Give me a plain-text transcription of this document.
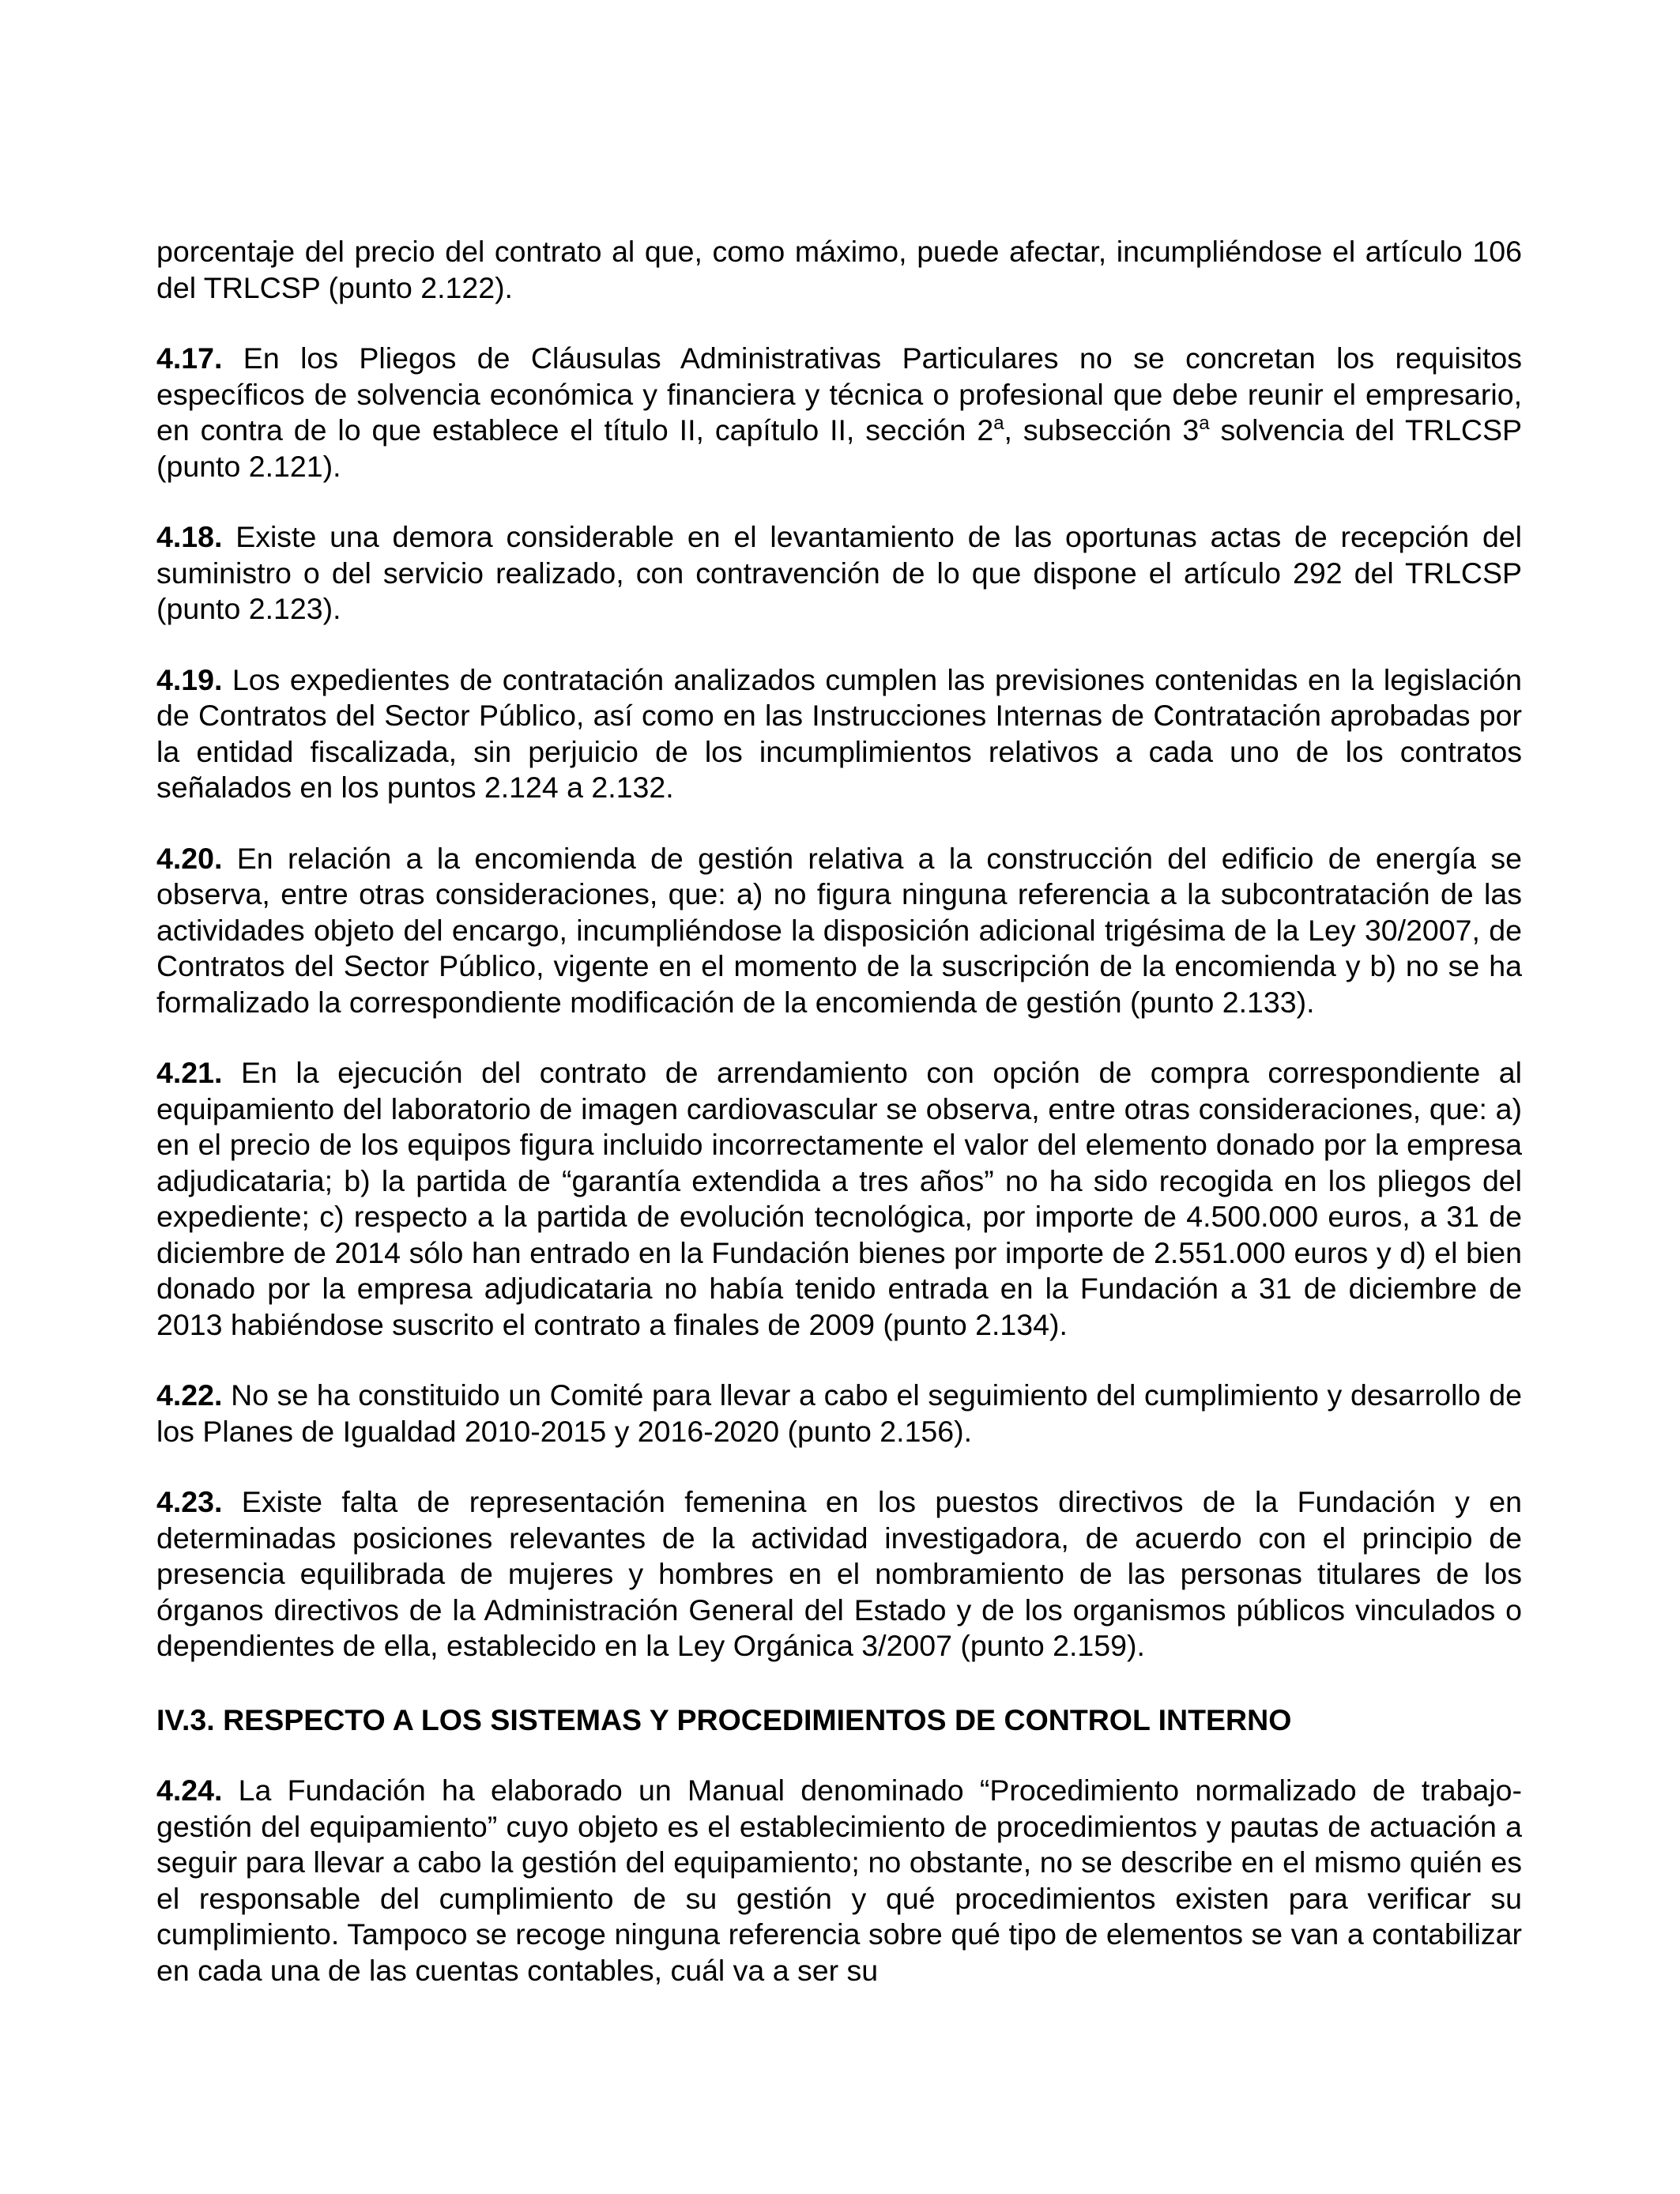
porcentaje del precio del contrato al que, como máximo, puede afectar, incumpliéndose el artículo 106 del TRLCSP (punto 2.122).

4.17. En los Pliegos de Cláusulas Administrativas Particulares no se concretan los requisitos específicos de solvencia económica y financiera y técnica o profesional que debe reunir el empresario, en contra de lo que establece el título II, capítulo II, sección 2$^a$, subsección 3$^a$ solvencia del TRLCSP (punto 2.121).

4.18. Existe una demora considerable en el levantamiento de las oportunas actas de recepción del suministro o del servicio realizado, con contravención de lo que dispone el artículo 292 del TRLCSP (punto 2.123).

4.19. Los expedientes de contratación analizados cumplen las previsiones contenidas en la legislación de Contratos del Sector Público, así como en las Instrucciones Internas de Contratación aprobadas por la entidad fiscalizada, sin perjuicio de los incumplimientos relativos a cada uno de los contratos señalados en los puntos 2.124 a 2.132.

4.20. En relación a la encomienda de gestión relativa a la construcción del edificio de energía se observa, entre otras consideraciones, que: a) no figura ninguna referencia a la subcontratación de las actividades objeto del encargo, incumpliéndose la disposición adicional trigésima de la Ley 30/2007, de Contratos del Sector Público, vigente en el momento de la suscripción de la encomienda y b) no se ha formalizado la correspondiente modificación de la encomienda de gestión (punto 2.133).

4.21. En la ejecución del contrato de arrendamiento con opción de compra correspondiente al equipamiento del laboratorio de imagen cardiovascular se observa, entre otras consideraciones, que: a) en el precio de los equipos figura incluido incorrectamente el valor del elemento donado por la empresa adjudicataria; b) la partida de “garantía extendida a tres años” no ha sido recogida en los pliegos del expediente; c) respecto a la partida de evolución tecnológica, por importe de 4.500.000 euros, a 31 de diciembre de 2014 sólo han entrado en la Fundación bienes por importe de 2.551.000 euros y d) el bien donado por la empresa adjudicataria no había tenido entrada en la Fundación a 31 de diciembre de 2013 habiéndose suscrito el contrato a finales de 2009 (punto 2.134).

4.22. No se ha constituido un Comité para llevar a cabo el seguimiento del cumplimiento y desarrollo de los Planes de Igualdad 2010-2015 y 2016-2020 (punto 2.156).

4.23. Existe falta de representación femenina en los puestos directivos de la Fundación y en determinadas posiciones relevantes de la actividad investigadora, de acuerdo con el principio de presencia equilibrada de mujeres y hombres en el nombramiento de las personas titulares de los órganos directivos de la Administración General del Estado y de los organismos públicos vinculados o dependientes de ella, establecido en la Ley Orgánica 3/2007 (punto 2.159).

IV.3. RESPECTO A LOS SISTEMAS Y PROCEDIMIENTOS DE CONTROL INTERNO

4.24. La Fundación ha elaborado un Manual denominado “Procedimiento normalizado de trabajo-gestión del equipamiento” cuyo objeto es el establecimiento de procedimientos y pautas de actuación a seguir para llevar a cabo la gestión del equipamiento; no obstante, no se describe en el mismo quién es el responsable del cumplimiento de su gestión y qué procedimientos existen para verificar su cumplimiento. Tampoco se recoge ninguna referencia sobre qué tipo de elementos se van a contabilizar en cada una de las cuentas contables, cuál va a ser su
